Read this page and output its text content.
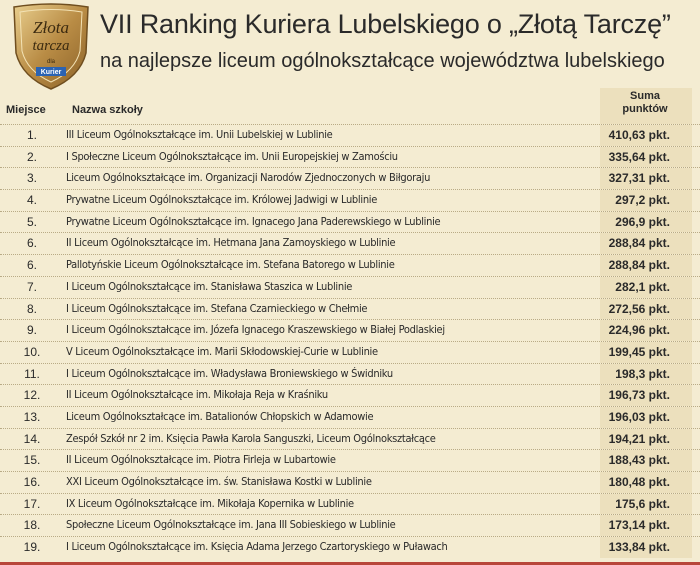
Złota
tarcza
dla
Kurier
VII Ranking Kuriera Lubelskiego o „Złotą Tarczę”
na najlepsze liceum ogólnokształcące województwa lubelskiego
Miejsce Nazwa szkoły
Suma
punktów
1.	III Liceum Ogólnokształcące im. Unii Lubelskiej w Lublinie	410,63 pkt.
2.	I Społeczne Liceum Ogólnokształcące im. Unii Europejskiej w Zamościu	335,64 pkt.
3.	Liceum Ogólnokształcące im. Organizacji Narodów Zjednoczonych w Biłgoraju	327,31 pkt.
4.	Prywatne Liceum Ogólnokształcące im. Królowej Jadwigi w Lublinie	297,2 pkt.
5.	Prywatne Liceum Ogólnokształcące im. Ignacego Jana Paderewskiego w Lublinie	296,9 pkt.
6.	II Liceum Ogólnokształcące im. Hetmana Jana Zamoyskiego w Lublinie	288,84 pkt.
6.	Pallotyńskie Liceum Ogólnokształcące im. Stefana Batorego w Lublinie	288,84 pkt.
7.	I Liceum Ogólnokształcące im. Stanisława Staszica w Lublinie	282,1 pkt.
8.	I Liceum Ogólnokształcące im. Stefana Czarnieckiego w Chełmie	272,56 pkt.
9.	I Liceum Ogólnokształcące im. Józefa Ignacego Kraszewskiego w Białej Podlaskiej	224,96 pkt.
10.	V Liceum Ogólnokształcące im. Marii Skłodowskiej-Curie w Lublinie	199,45 pkt.
11.	I Liceum Ogólnokształcące im. Władysława Broniewskiego w Świdniku	198,3 pkt.
12.	II Liceum Ogólnokształcące im. Mikołaja Reja w Kraśniku	196,73 pkt.
13.	Liceum Ogólnokształcące im. Batalionów Chłopskich w Adamowie	196,03 pkt.
14.	Zespół Szkół nr 2 im. Księcia Pawła Karola Sanguszki, Liceum Ogólnokształcące	194,21 pkt.
15.	II Liceum Ogólnokształcące im. Piotra Firleja w Lubartowie	188,43 pkt.
16.	XXI Liceum Ogólnokształcące im. św. Stanisława Kostki w Lublinie	180,48 pkt.
17.	IX Liceum Ogólnokształcące im. Mikołaja Kopernika w Lublinie	175,6 pkt.
18.	Społeczne Liceum Ogólnokształcące im. Jana III Sobieskiego w Lublinie	173,14 pkt.
19.	I Liceum Ogólnokształcące im. Księcia Adama Jerzego Czartoryskiego w Puławach	133,84 pkt.
